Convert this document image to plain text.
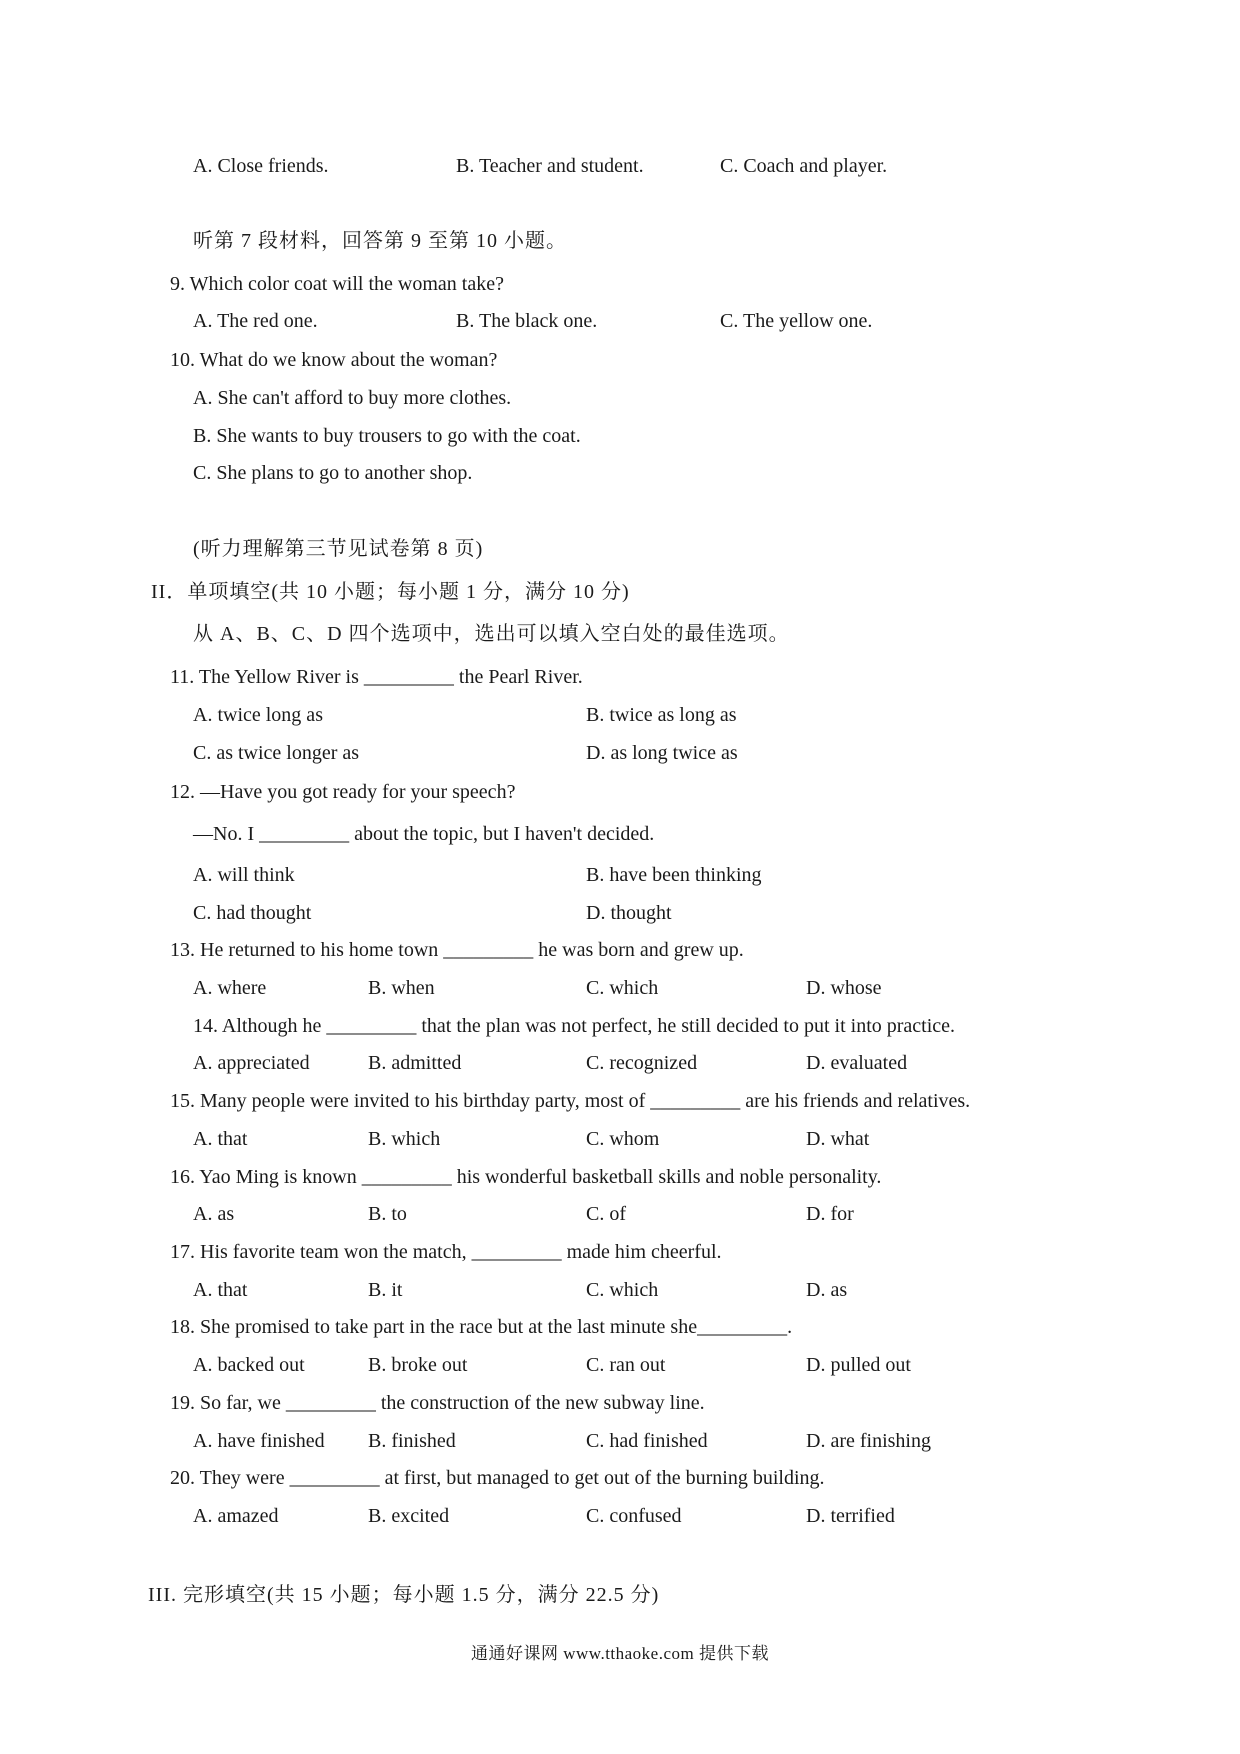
A. Close friends.	B. Teacher and student.	C. Coach and player.
听第 7 段材料，回答第 9 至第 10 小题。
9. Which color coat will the woman take?
A. The red one.	B. The black one.	C. The yellow one.
10. What do we know about the woman?
A. She can't afford to buy more clothes.
B. She wants to buy trousers to go with the coat.
C. She plans to go to another shop.
(听力理解第三节见试卷第 8 页)
II．单项填空(共 10 小题；每小题 1 分，满分 10 分)
从 A、B、C、D 四个选项中，选出可以填入空白处的最佳选项。
11. The Yellow River is _________ the Pearl River.
A. twice long as	B. twice as long as
C. as twice longer as	D. as long twice as
12. —Have you got ready for your speech?
—No. I _________ about the topic, but I haven't decided.
A. will think	B. have been thinking
C. had thought	D. thought
13. He returned to his home town _________ he was born and grew up.
A. where	B. when	C. which	D. whose
14. Although he _________ that the plan was not perfect, he still decided to put it into practice.
A. appreciated	B. admitted	C. recognized	D. evaluated
15. Many people were invited to his birthday party, most of _________ are his friends and relatives.
A. that	B. which	C. whom	D. what
16. Yao Ming is known _________ his wonderful basketball skills and noble personality.
A. as	B. to	C. of	D. for
17. His favorite team won the match, _________ made him cheerful.
A. that	B. it	C. which	D. as
18. She promised to take part in the race but at the last minute she_________.
A. backed out	B. broke out	C. ran out	D. pulled out
19. So far, we _________ the construction of the new subway line.
A. have finished B. finished	C. had finished	D. are finishing
20. They were _________ at first, but managed to get out of the burning building.
A. amazed	B. excited	C. confused	D. terrified
III. 完形填空(共 15 小题；每小题 1.5 分，满分 22.5 分)
通通好课网 www.tthaoke.com 提供下载
